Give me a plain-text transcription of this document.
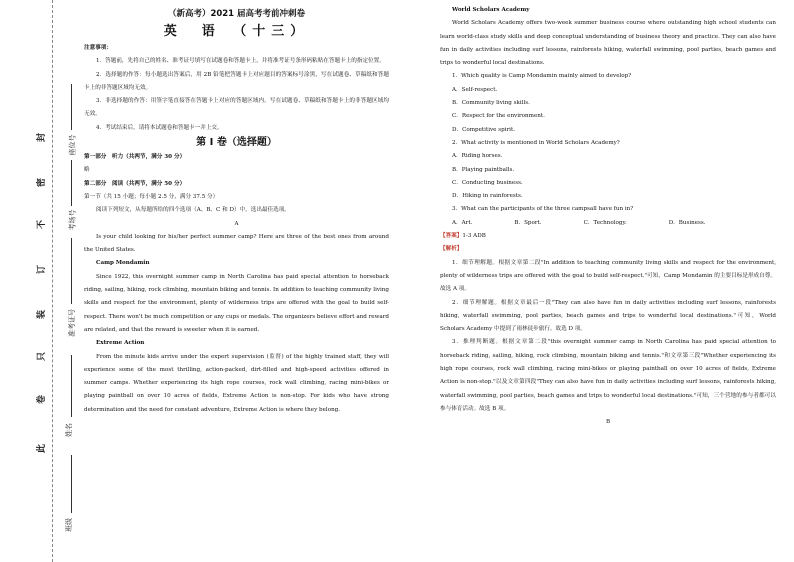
封
密
不
订
装
只
卷
此
座位号
考场号
准考证号
姓名
班级

（新高考）2021 届高考考前冲刺卷

英　语　（十三）

注意事项：

1．答题前，先将自己的姓名、准考证号填写在试题卷和答题卡上，并将准考证号条形码粘贴在答题卡上的指定位置。

2．选择题的作答：每小题选出答案后，用 2B 铅笔把答题卡上对应题目的答案标号涂黑，写在试题卷、草稿纸和答题卡上的非答题区域均无效。

3．非选择题的作答：用签字笔直接答在答题卡上对应的答题区域内。写在试题卷、草稿纸和答题卡上的非答题区域均无效。

4．考试结束后，请将本试题卷和答题卡一并上交。

第 I 卷（选择题）

第一部分　听力（共两节，满分 30 分）

略

第二部分　阅读（共两节，满分 50 分）

第一节（共 15 小题；每小题 2.5 分，满分 37.5 分）

阅读下列短文，从每题所给的四个选项（A、B、C 和 D）中，选出最佳选项。

A

Is your child looking for his/her perfect summer camp? Here are three of the best ones from around the United States.

Camp Mondamin

Since 1922, this overnight summer camp in North Carolina has paid special attention to horseback riding, sailing, hiking, rock climbing, mountain biking and tennis. In addition to teaching community living skills and respect for the environment, plenty of wilderness trips are offered with the goal to build self-respect. There won't be much competition or any cups or medals. The organizers believe effort and reward are related, and that the reward is sweeter when it is earned.

Extreme Action

From the minute kids arrive under the expert supervision (监督) of the highly trained staff, they will experience some of the most thrilling, action-packed, dirt-filled and high-speed activities offered in summer camps. Whether experiencing its high rope courses, rock wall climbing, racing mini-bikes or playing paintball on over 10 acres of fields, Extreme Action is non-stop. For kids who have strong determination and the need for constant adventure, Extreme Action is where they belong.

World Scholars Academy

World Scholars Academy offers two-week summer business course where outstanding high school students can learn world-class study skills and deep conceptual understanding of business theory and practice. They can also have fun in daily activities including surf lessons, rainforests hiking, waterfall swimming, pool parties, beach games and trips to wonderful local destinations.

1．Which quality is Camp Mondamin mainly aimed to develop?

A．Self-respect.

B．Community living skills.

C．Respect for the environment.

D．Competitive spirit.

2．What activity is mentioned in World Scholars Academy?

A．Riding horses.

B．Playing paintballs.

C．Conducting business.

D．Hiking in rainforests.

3．What can the participants of the three campsall have fun in?

A．Art.	B．Sport.	C．Technology.	D．Business.

【答案】1-3 ADB

【解析】

1．细节理解题。根据文章第二段"In addition to teaching community living skills and respect for the environment, plenty of wilderness trips are offered with the goal to build self-respect."可知，Camp Mondamin 的主要目标是形成自尊。故选 A 项。

2．细节理解题。根据文章最后一段"They can also have fun in daily activities including surf lessons, rainforests hiking, waterfall swimming, pool parties, beach games and trips to wonderful local destinations."可知，World Scholars Academy 中提到了雨林徒步旅行。故选 D 项。

3．推理判断题。根据文章第二段"this overnight summer camp in North Carolina has paid special attention to horseback riding, sailing, hiking, rock climbing, mountain biking and tennis."和文章第三段"Whether experiencing its high rope courses, rock wall climbing, racing mini-bikes or playing paintball on over 10 acres of fields, Extreme Action is non-stop."以及文章第四段"They can also have fun in daily activities including surf lessons, rainforests hiking, waterfall swimming, pool parties, beach games and trips to wonderful local destinations."可知，三个营地的参与者都可以参与体育活动。故选 B 项。

B
